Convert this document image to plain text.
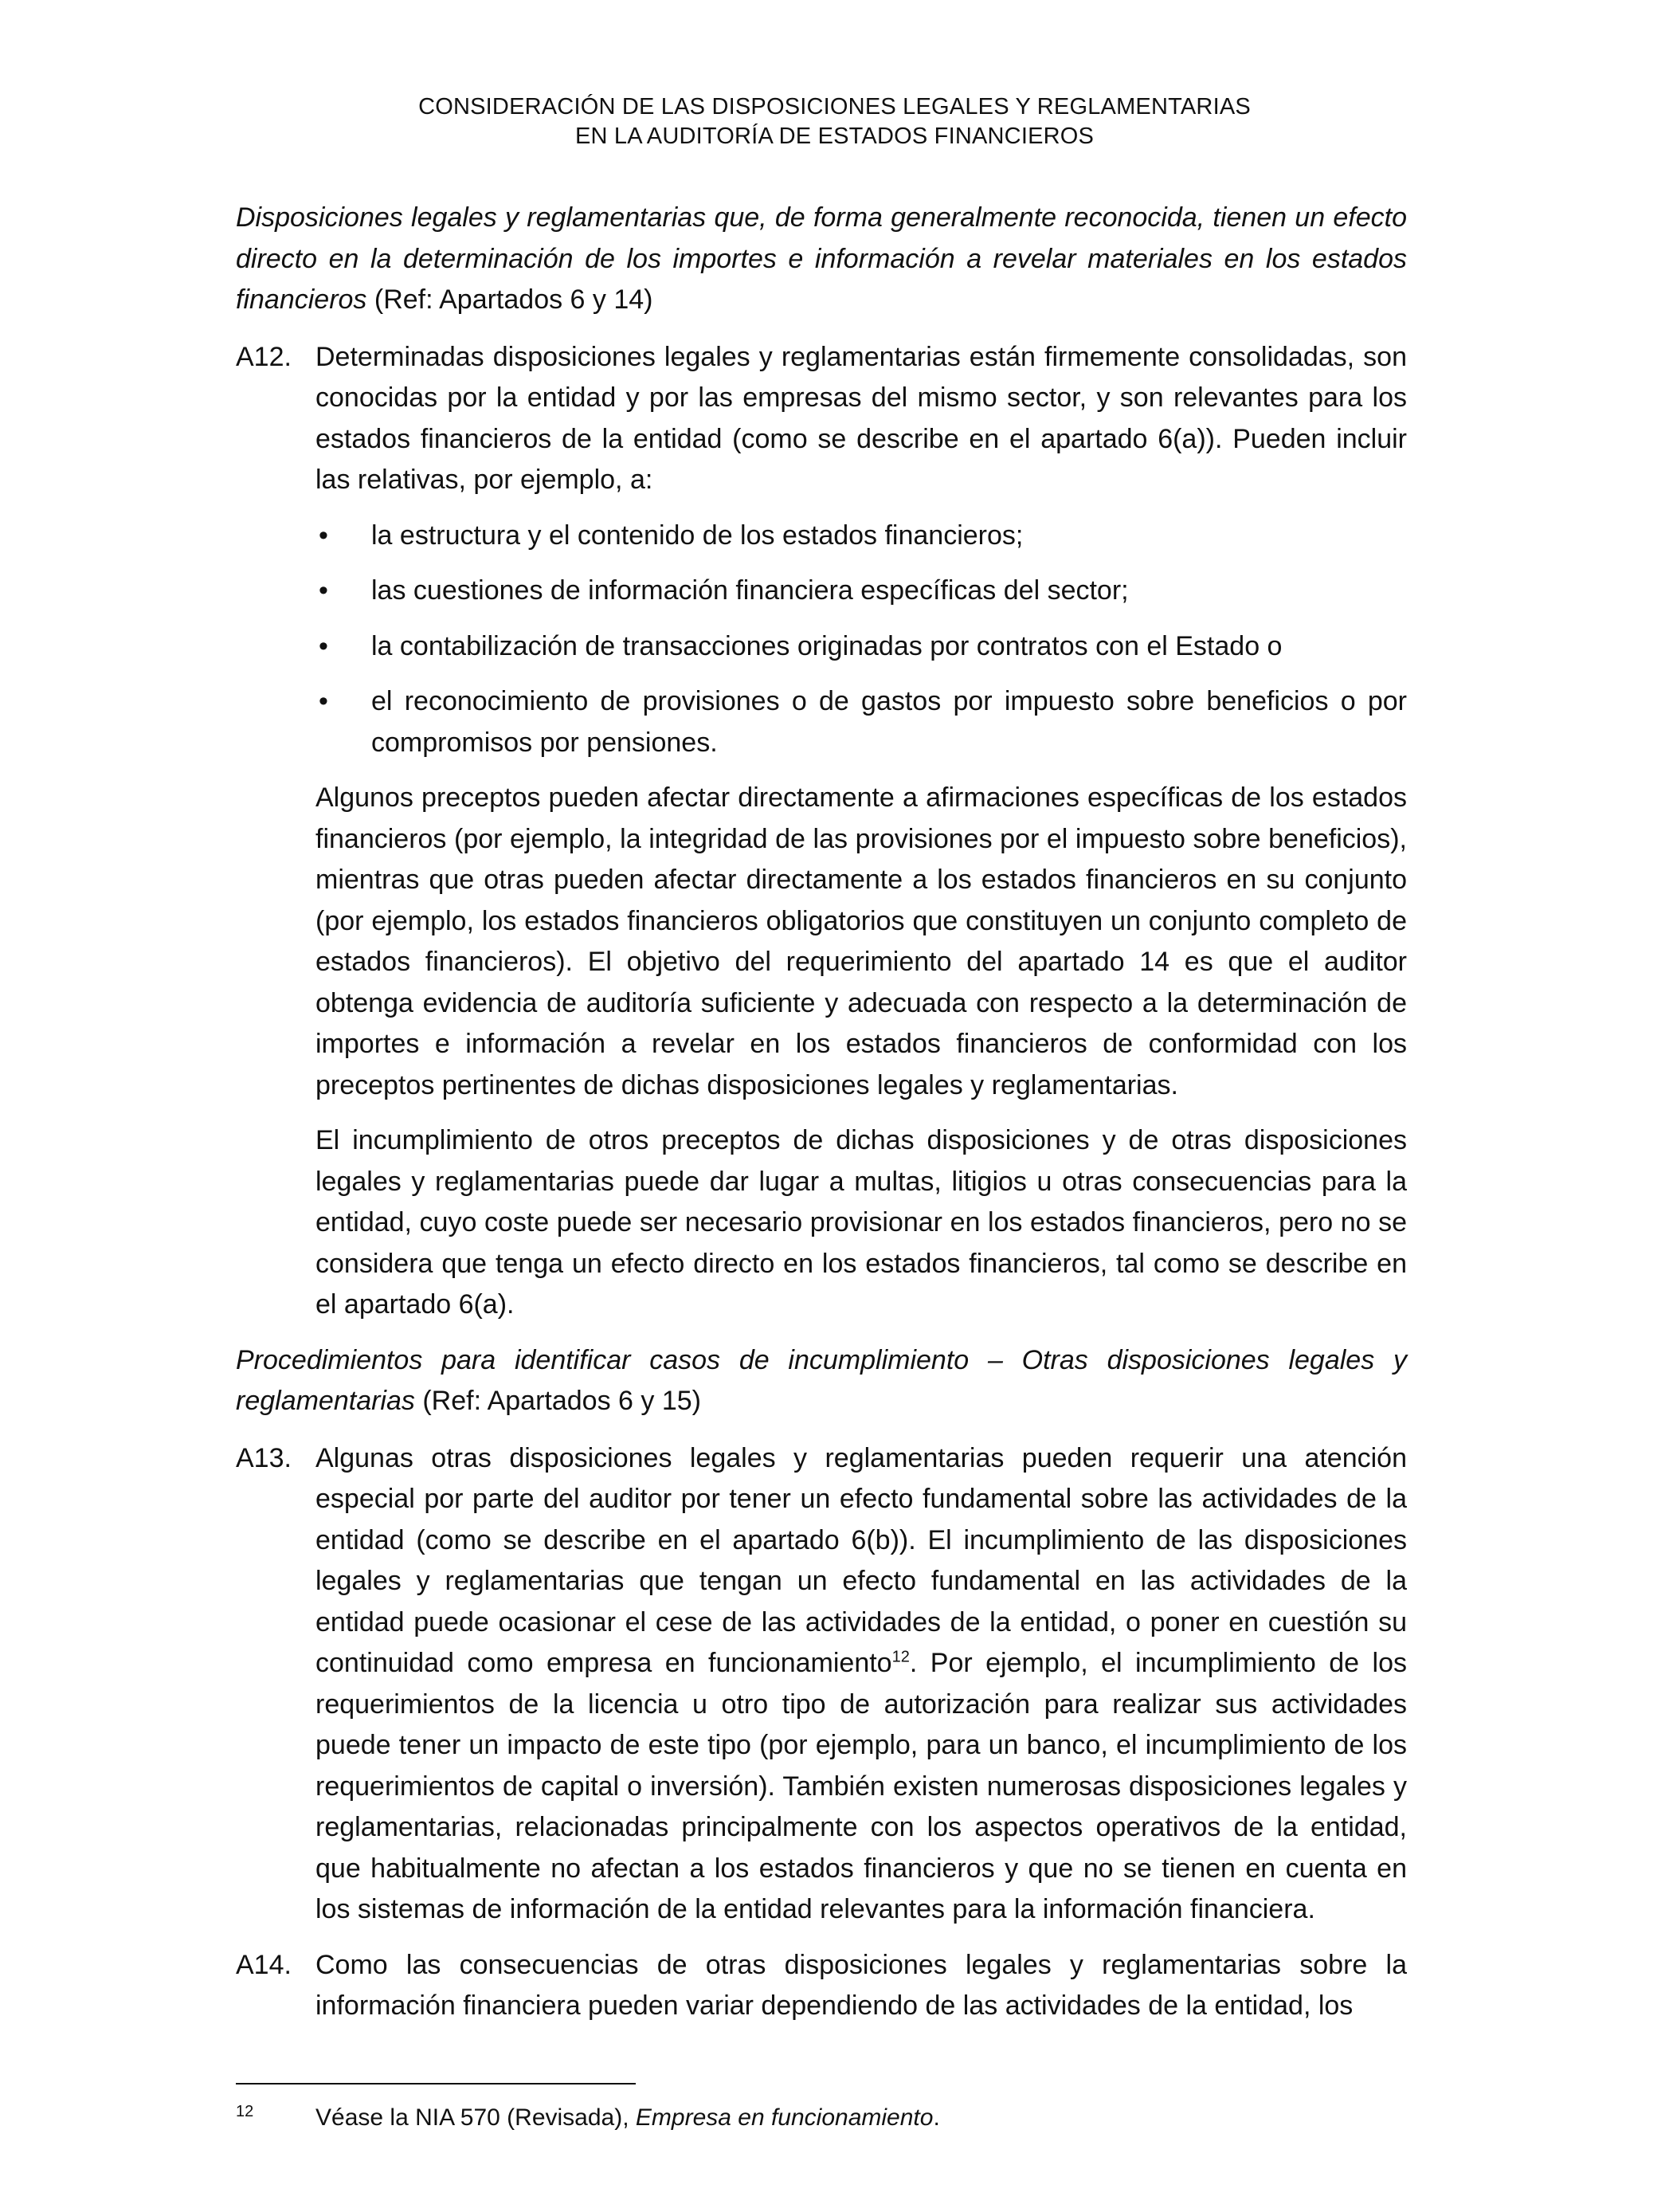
CONSIDERACIÓN DE LAS DISPOSICIONES LEGALES Y REGLAMENTARIAS
EN LA AUDITORÍA DE ESTADOS FINANCIEROS

Disposiciones legales y reglamentarias que, de forma generalmente reconocida, tienen un efecto directo en la determinación de los importes e información a revelar materiales en los estados financieros (Ref: Apartados 6 y 14)

A12. Determinadas disposiciones legales y reglamentarias están firmemente consolidadas, son conocidas por la entidad y por las empresas del mismo sector, y son relevantes para los estados financieros de la entidad (como se describe en el apartado 6(a)). Pueden incluir las relativas, por ejemplo, a:
• la estructura y el contenido de los estados financieros;
• las cuestiones de información financiera específicas del sector;
• la contabilización de transacciones originadas por contratos con el Estado o
• el reconocimiento de provisiones o de gastos por impuesto sobre beneficios o por compromisos por pensiones.

Algunos preceptos pueden afectar directamente a afirmaciones específicas de los estados financieros (por ejemplo, la integridad de las provisiones por el impuesto sobre beneficios), mientras que otras pueden afectar directamente a los estados financieros en su conjunto (por ejemplo, los estados financieros obligatorios que constituyen un conjunto completo de estados financieros). El objetivo del requerimiento del apartado 14 es que el auditor obtenga evidencia de auditoría suficiente y adecuada con respecto a la determinación de importes e información a revelar en los estados financieros de conformidad con los preceptos pertinentes de dichas disposiciones legales y reglamentarias.

El incumplimiento de otros preceptos de dichas disposiciones y de otras disposiciones legales y reglamentarias puede dar lugar a multas, litigios u otras consecuencias para la entidad, cuyo coste puede ser necesario provisionar en los estados financieros, pero no se considera que tenga un efecto directo en los estados financieros, tal como se describe en el apartado 6(a).

Procedimientos para identificar casos de incumplimiento – Otras disposiciones legales y reglamentarias (Ref: Apartados 6 y 15)

A13. Algunas otras disposiciones legales y reglamentarias pueden requerir una atención especial por parte del auditor por tener un efecto fundamental sobre las actividades de la entidad (como se describe en el apartado 6(b)). El incumplimiento de las disposiciones legales y reglamentarias que tengan un efecto fundamental en las actividades de la entidad puede ocasionar el cese de las actividades de la entidad, o poner en cuestión su continuidad como empresa en funcionamiento$^{12}$. Por ejemplo, el incumplimiento de los requerimientos de la licencia u otro tipo de autorización para realizar sus actividades puede tener un impacto de este tipo (por ejemplo, para un banco, el incumplimiento de los requerimientos de capital o inversión). También existen numerosas disposiciones legales y reglamentarias, relacionadas principalmente con los aspectos operativos de la entidad, que habitualmente no afectan a los estados financieros y que no se tienen en cuenta en los sistemas de información de la entidad relevantes para la información financiera.
A14. Como las consecuencias de otras disposiciones legales y reglamentarias sobre la información financiera pueden variar dependiendo de las actividades de la entidad, los
12	Véase la NIA 570 (Revisada), Empresa en funcionamiento.
